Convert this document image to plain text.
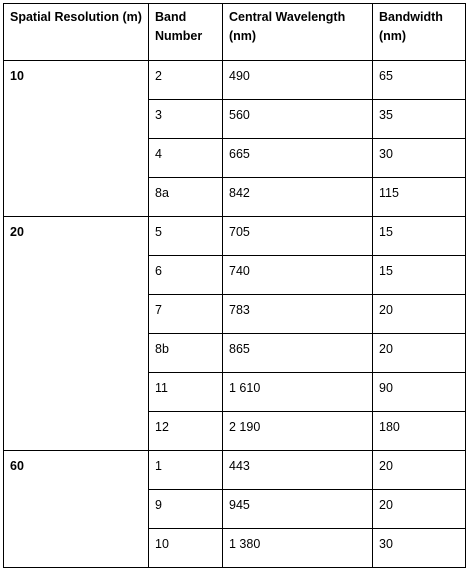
Spatial Resolution (m)	Band Number	Central Wavelength (nm)	Bandwidth (nm)
10	2	490	65
	3	560	35
	4	665	30
	8a	842	115
20	5	705	15
	6	740	15
	7	783	20
	8b	865	20
	11	1 610	90
	12	2 190	180
60	1	443	20
	9	945	20
	10	1 380	30
